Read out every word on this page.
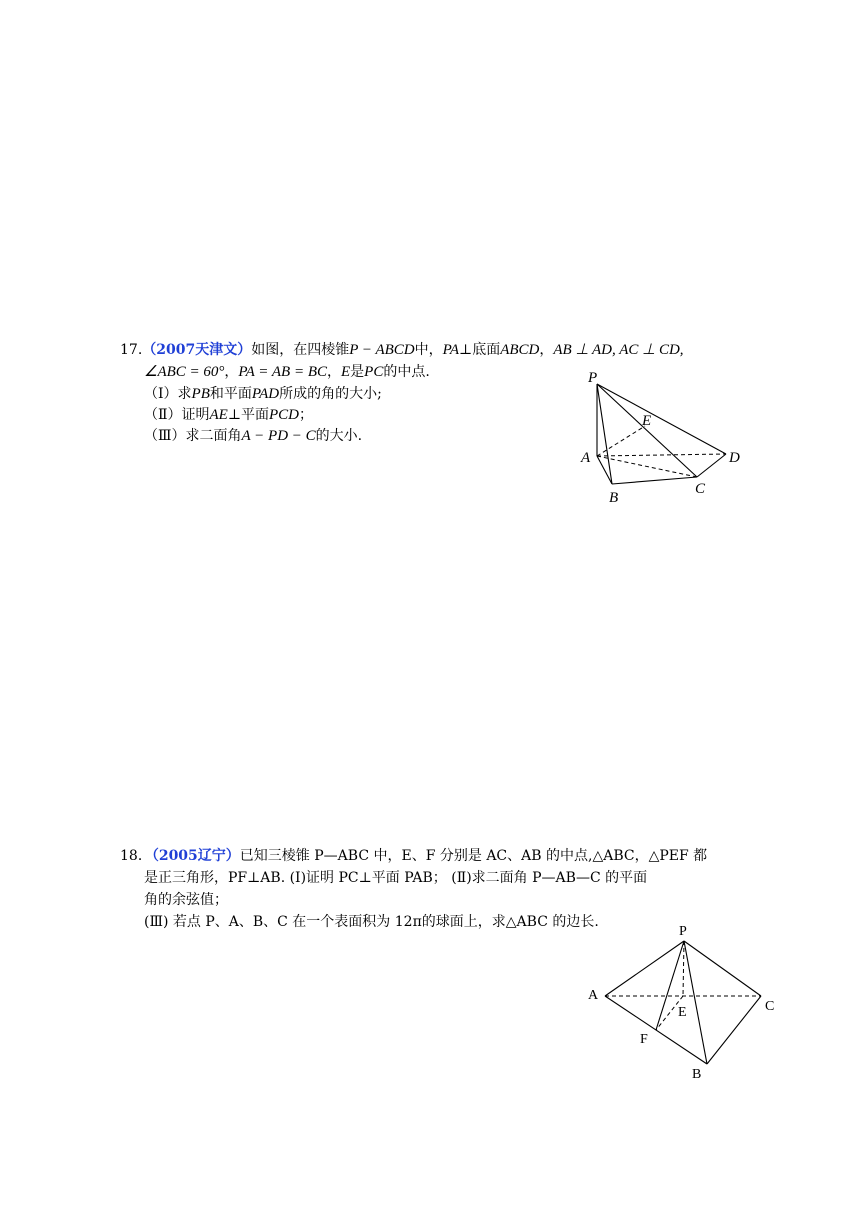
17.（2007天津文）如图，在四棱锥P − ABCD中，PA⊥底面ABCD，AB ⊥ AD, AC ⊥ CD,
∠ABC = 60°，PA = AB = BC，E是PC的中点.
（Ⅰ）求PB和平面PAD所成的角的大小;
（Ⅱ）证明AE⊥平面PCD；
（Ⅲ）求二面角A − PD − C的大小.
P
E
A	D
C
B
18．（2005辽宁）已知三棱锥 P—ABC 中，E、F 分别是 AC、AB 的中点,△ABC，△PEF 都
是正三角形，PF⊥AB. (Ⅰ)证明 PC⊥平面 PAB； (Ⅱ)求二面角 P—AB—C 的平面
角的余弦值；
(Ⅲ) 若点 P、A、B、C 在一个表面积为 12π的球面上，求△ABC 的边长.
P
A
C
E
F
B
